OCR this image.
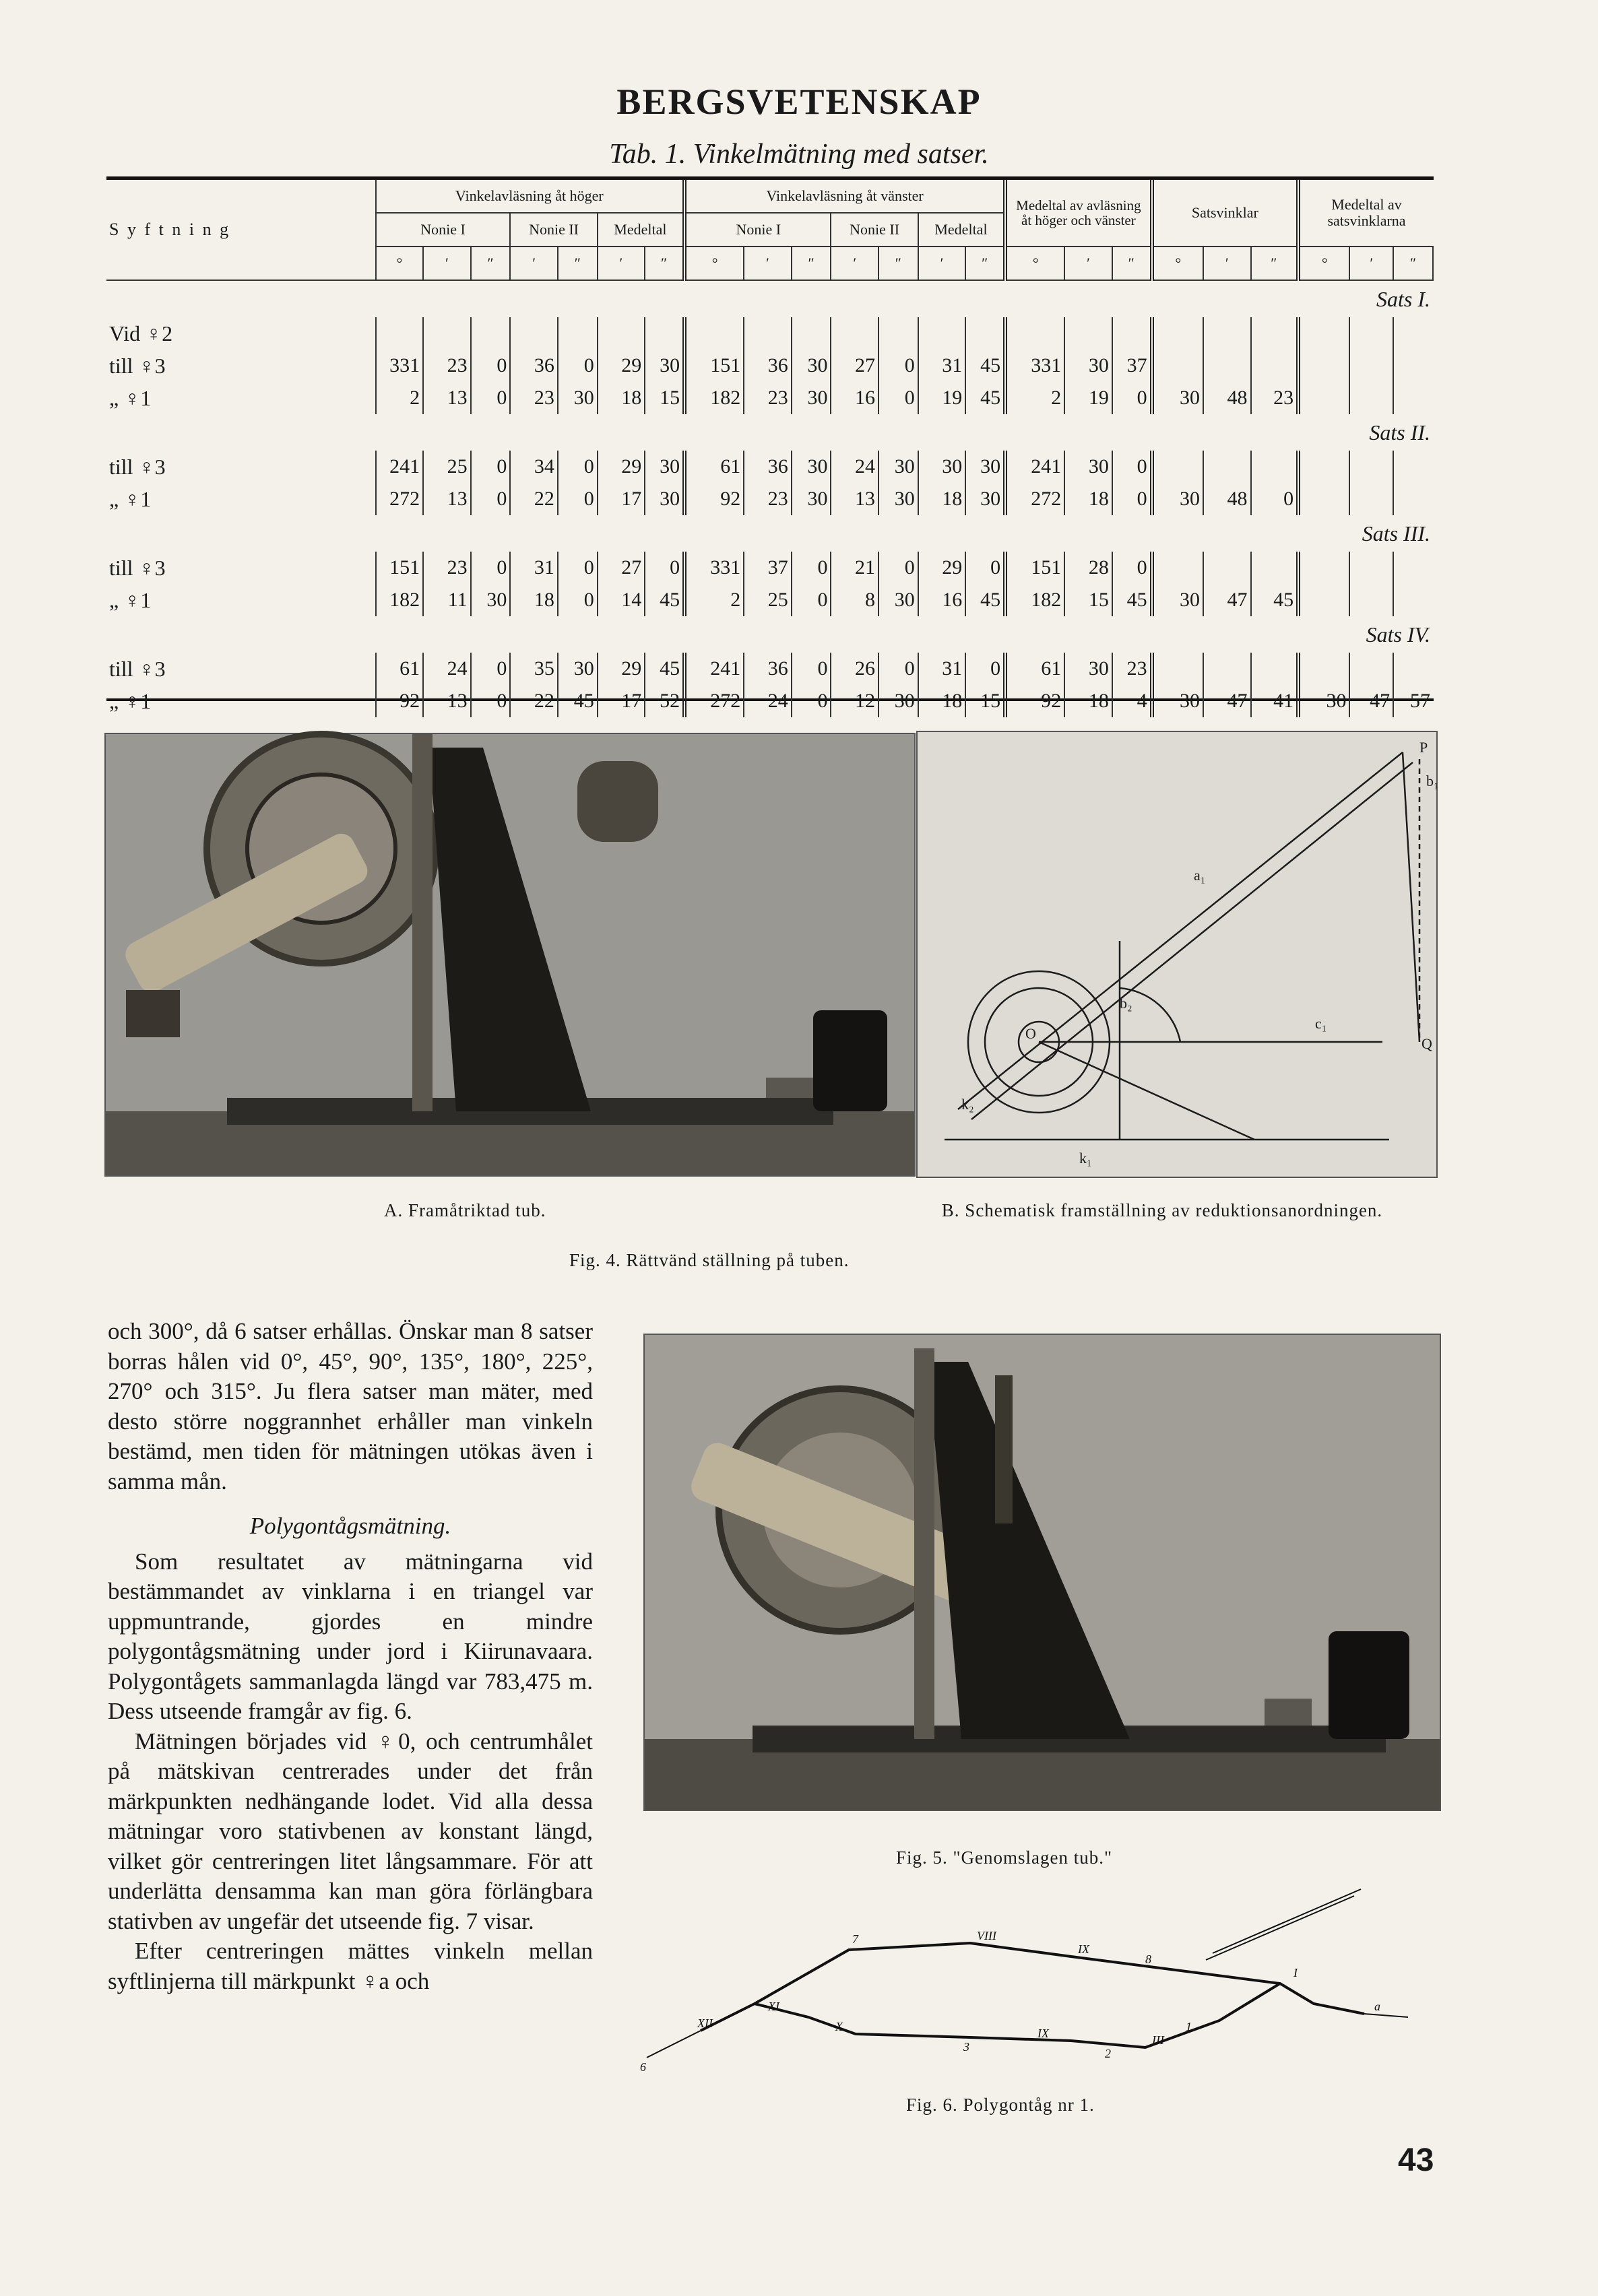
BERGSVETENSKAP
Tab. 1. Vinkelmätning med satser.
S y f t n i n g	Vinkelavläsning åt höger							Vinkelavläsning åt vänster							Medeltal av avläsning åt höger och vänster			Satsvinklar			Medeltal av satsvinklarna		
	Nonie I			Nonie II		Medeltal		Nonie I			Nonie II		Medeltal										
	°	′	″	′	″	′	″	°	′	″	′	″	′	″	°	′	″	°	′	″	°	′	″
Sats I.																							
Vid ♀2																							
till ♀3	331	23	0	36	0	29	30	151	36	30	27	0	31	45	331	30	37						
„ ♀1	2	13	0	23	30	18	15	182	23	30	16	0	19	45	2	19	0	30	48	23			
Sats II.																							
till ♀3	241	25	0	34	0	29	30	61	36	30	24	30	30	30	241	30	0						
„ ♀1	272	13	0	22	0	17	30	92	23	30	13	30	18	30	272	18	0	30	48	0			
Sats III.																							
till ♀3	151	23	0	31	0	27	0	331	37	0	21	0	29	0	151	28	0						
„ ♀1	182	11	30	18	0	14	45	2	25	0	8	30	16	45	182	15	45	30	47	45			
Sats IV.																							
till ♀3	61	24	0	35	30	29	45	241	36	0	26	0	31	0	61	30	23						
„ ♀1	92	13	0	22	45	17	52	272	24	0	12	30	18	15	92	18	4	30	47	41	30	47	57
a₁
b₁
P
Q
c₁
b₂
k₂
k₁
O
A. Framåtriktad tub.	B. Schematisk framställning av reduktionsanordningen.
Fig. 4. Rättvänd ställning på tuben.
Fig. 5. "Genomslagen tub."
XII
7	VIII
IX
8
I
a
6
XI
X
3	2
1
III
IX
Fig. 6. Polygontåg nr 1.

och 300°, då 6 satser erhållas. Önskar man 8 satser borras hålen vid 0°, 45°, 90°, 135°, 180°, 225°, 270° och 315°. Ju flera satser man mäter, med desto större noggrannhet erhåller man vinkeln bestämd, men tiden för mätningen utökas även i samma mån.

Polygontågsmätning.

Som resultatet av mätningarna vid bestämmandet av vinklarna i en triangel var uppmuntrande, gjordes en mindre polygontågsmätning under jord i Kiirunavaara. Polygontågets sammanlagda längd var 783,475 m. Dess utseende framgår av fig. 6.

Mätningen börjades vid ♀0, och centrumhålet på mätskivan centrerades under det från märkpunkten nedhängande lodet. Vid alla dessa mätningar voro stativbenen av konstant längd, vilket gör centreringen litet långsammare. För att underlätta densamma kan man göra förlängbara stativben av ungefär det utseende fig. 7 visar.

Efter centreringen mättes vinkeln mellan syftlinjerna till märkpunkt ♀a och

43
